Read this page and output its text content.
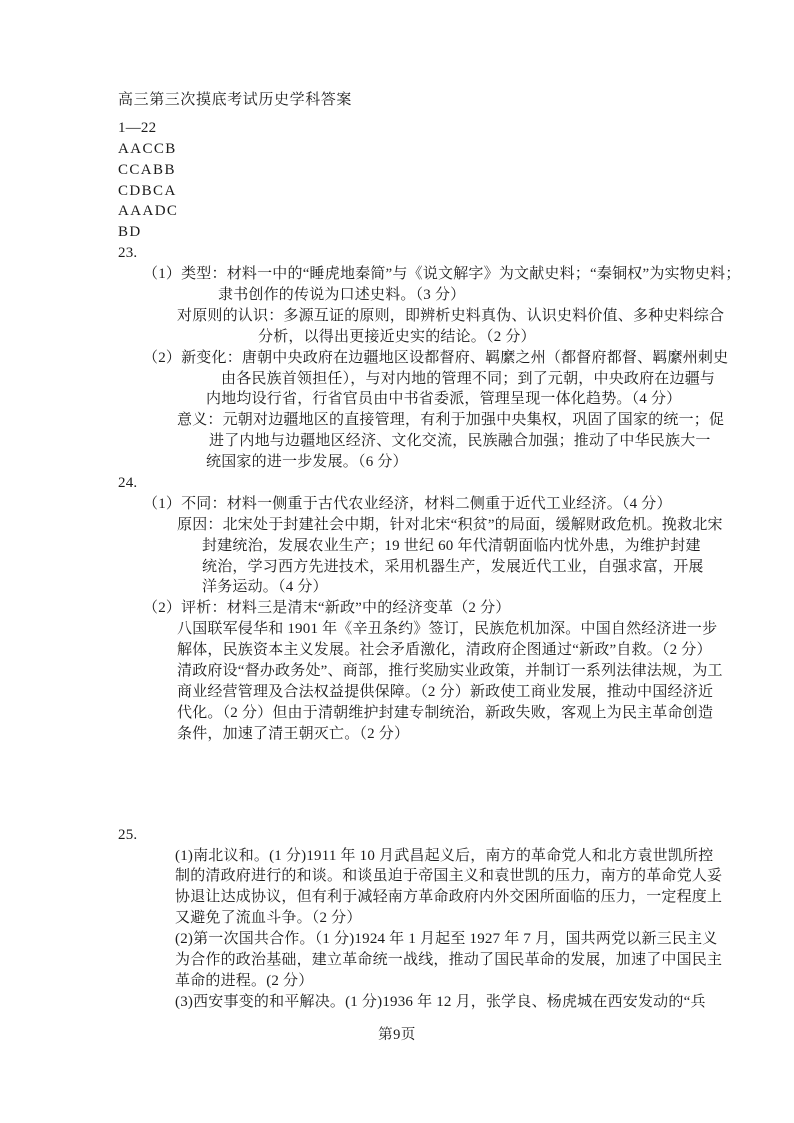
高三第三次摸底考试历史学科答案
1—22
AACCB
CCABB
CDBCA
AAADC
BD
23.
（1）类型：材料一中的“睡虎地秦简”与《说文解字》为文献史料；“秦铜权”为实物史料；
隶书创作的传说为口述史料。（3 分）
对原则的认识：多源互证的原则，即辨析史料真伪、认识史料价值、多种史料综合
分析，以得出更接近史实的结论。（2 分）
（2）新变化：唐朝中央政府在边疆地区设都督府、羁縻之州（都督府都督、羁縻州刺史
由各民族首领担任），与对内地的管理不同；到了元朝，中央政府在边疆与
内地均设行省，行省官员由中书省委派，管理呈现一体化趋势。（4 分）
意义：元朝对边疆地区的直接管理，有利于加强中央集权，巩固了国家的统一；促
进了内地与边疆地区经济、文化交流，民族融合加强；推动了中华民族大一
统国家的进一步发展。（6 分）
24.
（1）不同：材料一侧重于古代农业经济，材料二侧重于近代工业经济。（4 分）
原因：北宋处于封建社会中期，针对北宋“积贫”的局面，缓解财政危机。挽救北宋
封建统治，发展农业生产；19 世纪 60 年代清朝面临内忧外患，为维护封建
统治，学习西方先进技术，采用机器生产，发展近代工业，自强求富，开展
洋务运动。（4 分）
（2）评析：材料三是清末“新政”中的经济变革（2 分）
八国联军侵华和 1901 年《辛丑条约》签订，民族危机加深。中国自然经济进一步
解体，民族资本主义发展。社会矛盾激化，清政府企图通过“新政”自救。（2 分）
清政府设“督办政务处”、商部，推行奖励实业政策，并制订一系列法律法规，为工
商业经营管理及合法权益提供保障。（2 分）新政使工商业发展，推动中国经济近
代化。（2 分）但由于清朝维护封建专制统治，新政失败，客观上为民主革命创造
条件，加速了清王朝灭亡。（2 分）
25.
(1)南北议和。(1 分)1911 年 10 月武昌起义后，南方的革命党人和北方袁世凯所控
制的清政府进行的和谈。和谈虽迫于帝国主义和袁世凯的压力，南方的革命党人妥
协退让达成协议，但有利于减轻南方革命政府内外交困所面临的压力，一定程度上
又避免了流血斗争。（2 分）
(2)第一次国共合作。（1 分)1924 年 1 月起至 1927 年 7 月，国共两党以新三民主义
为合作的政治基础，建立革命统一战线，推动了国民革命的发展，加速了中国民主
革命的进程。(2 分）
(3)西安事变的和平解决。(1 分)1936 年 12 月，张学良、杨虎城在西安发动的“兵
第9页
